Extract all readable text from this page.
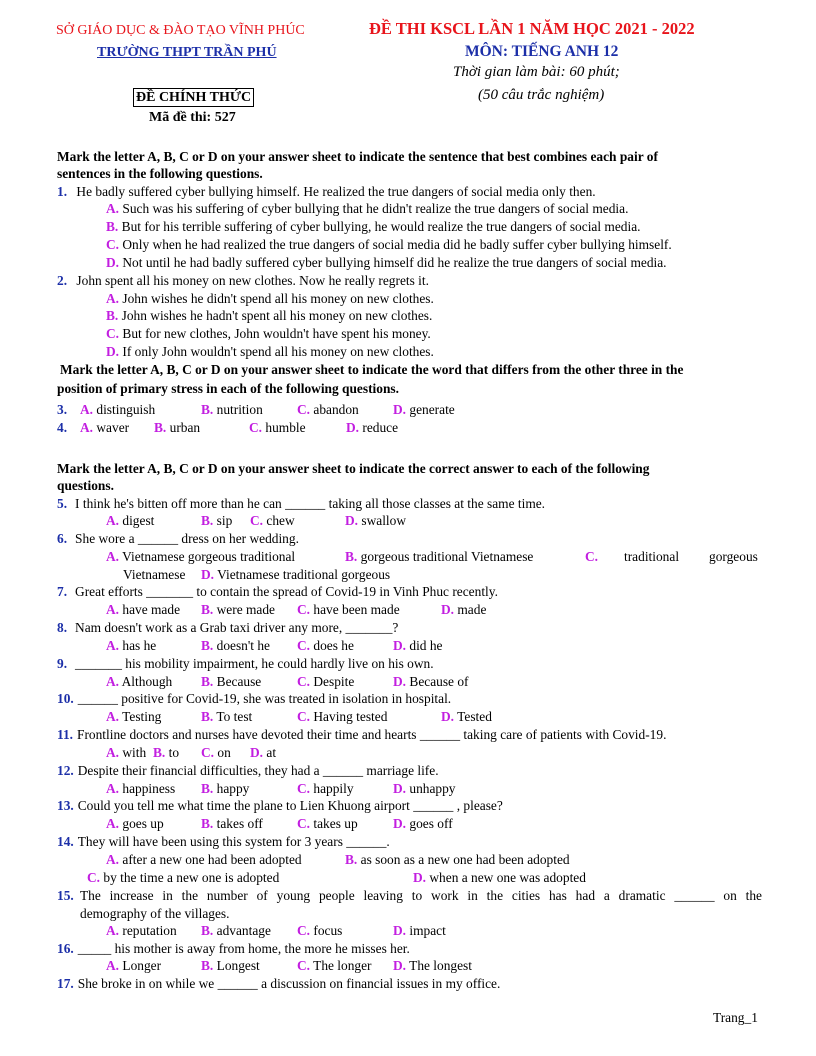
SỞ GIÁO DỤC & ĐÀO TẠO VĨNH PHÚC	ĐỀ THI KSCL LẦN 1 NĂM HỌC 2021 - 2022
TRƯỜNG THPT TRẦN PHÚ	MÔN: TIẾNG ANH 12
Thời gian làm bài: 60 phút;
ĐỀ CHÍNH THỨC	(50 câu trắc nghiệm)
Mã đề thi: 527
Mark the letter A, B, C or D on your answer sheet to indicate the sentence that best combines each pair of
sentences in the following questions.
1. He badly suffered cyber bullying himself. He realized the true dangers of social media only then.
A. Such was his suffering of cyber bullying that he didn't realize the true dangers of social media.
B. But for his terrible suffering of cyber bullying, he would realize the true dangers of social media.
C. Only when he had realized the true dangers of social media did he badly suffer cyber bullying himself.
D. Not until he had badly suffered cyber bullying himself did he realize the true dangers of social media.
2. John spent all his money on new clothes. Now he really regrets it.
A. John wishes he didn't spend all his money on new clothes.
B. John wishes he hadn't spent all his money on new clothes.
C. But for new clothes, John wouldn't have spent his money.
D. If only John wouldn't spend all his money on new clothes.
Mark the letter A, B, C or D on your answer sheet to indicate the word that differs from the other three in the
position of primary stress in each of the following questions.
3. A. distinguish	B. nutrition	C. abandon	D. generate
4. A. waver B. urban	C. humble	D. reduce
Mark the letter A, B, C or D on your answer sheet to indicate the correct answer to each of the following
questions.
5. I think he's bitten off more than he can ______ taking all those classes at the same time.
A. digest	B. sip C. chew	D. swallow
6. She wore a ______ dress on her wedding.
A. Vietnamese gorgeous traditional	B. gorgeous traditional Vietnamese	C. traditional gorgeous
Vietnamese D. Vietnamese traditional gorgeous
7. Great efforts _______ to contain the spread of Covid-19 in Vinh Phuc recently.
A. have made B. were made C. have been made	D. made
8. Nam doesn't work as a Grab taxi driver any more, _______?
A. has he	B. doesn't he C. does he	D. did he
9. _______ his mobility impairment, he could hardly live on his own.
A. Although B. Because	C. Despite	D. Because of
10. ______ positive for Covid-19, she was treated in isolation in hospital.
A. Testing	B. To test	C. Having tested	D. Tested
11. Frontline doctors and nurses have devoted their time and hearts ______ taking care of patients with Covid-19.
A. with B. to C. on D. at
12. Despite their financial difficulties, they had a ______ marriage life.
A. happiness B. happy	C. happily	D. unhappy
13. Could you tell me what time the plane to Lien Khuong airport ______ , please?
A. goes up	B. takes off	C. takes up	D. goes off
14. They will have been using this system for 3 years ______.
A. after a new one had been adopted	B. as soon as a new one had been adopted
C. by the time a new one is adopted	D. when a new one was adopted
15. The increase in the number of young people leaving to work in the cities has had a dramatic ______ on the
demography of the villages.
A. reputation B. advantage C. focus	D. impact
16. _____ his mother is away from home, the more he misses her.
A. Longer	B. Longest	C. The longer D. The longest
17. She broke in on while we ______ a discussion on financial issues in my office.
Trang_1
